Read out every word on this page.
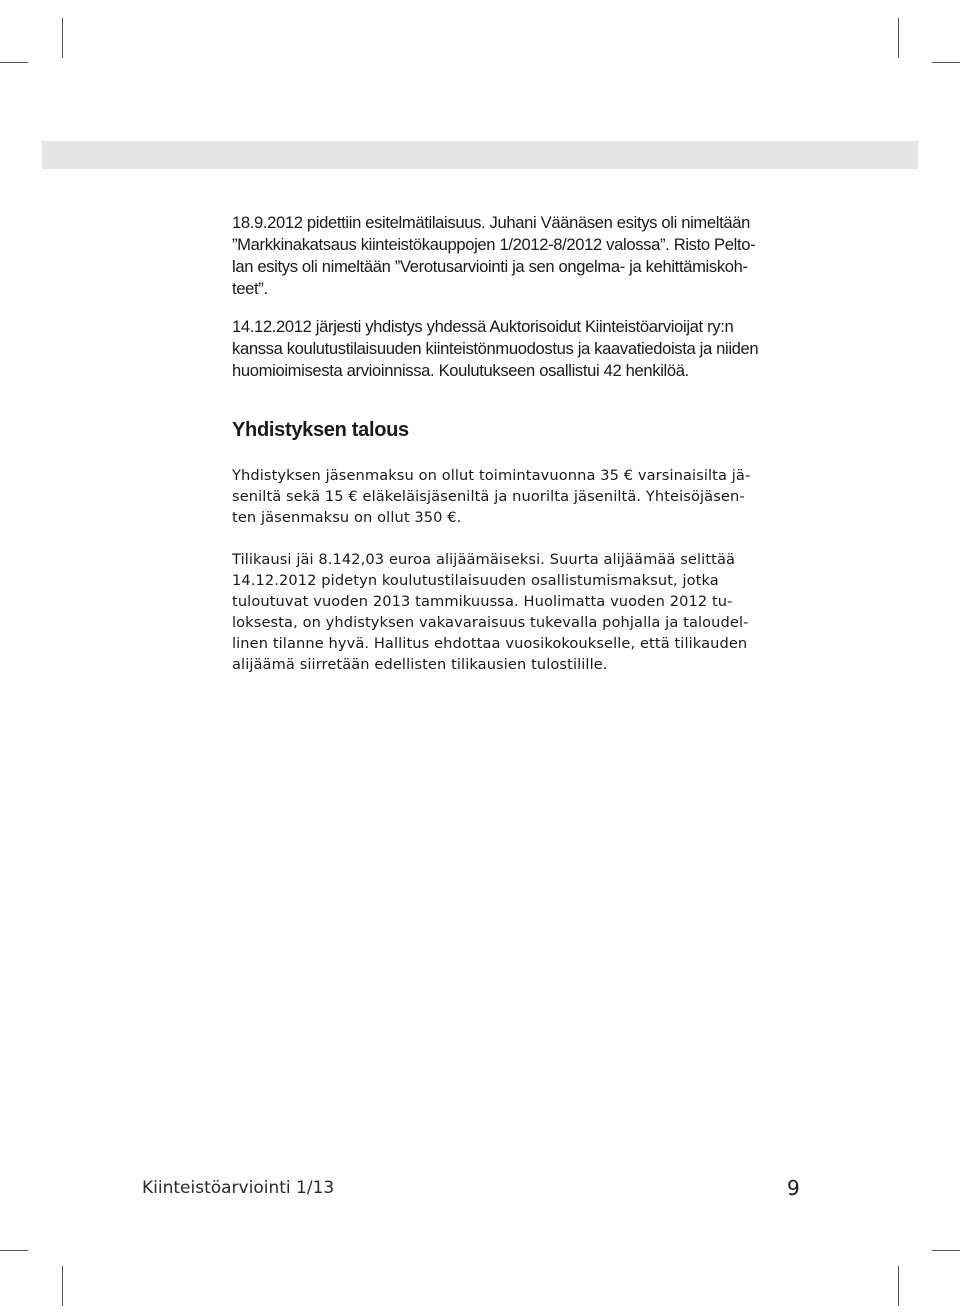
18.9.2012 pidettiin esitelmätilaisuus. Juhani Väänäsen esitys oli nimeltään
”Markkinakatsaus kiinteistökauppojen 1/2012-8/2012 valossa”. Risto Pelto-
lan esitys oli nimeltään ”Verotusarviointi ja sen ongelma- ja kehittämiskoh-
teet”.

14.12.2012 järjesti yhdistys yhdessä Auktorisoidut Kiinteistöarvioijat ry:n
kanssa koulutustilaisuuden kiinteistönmuodostus ja kaavatiedoista ja niiden
huomioimisesta arvioinnissa. Koulutukseen osallistui 42 henkilöä.

Yhdistyksen talous

Yhdistyksen jäsenmaksu on ollut toimintavuonna 35 € varsinaisilta jä-
seniltä sekä 15 € eläkeläisjäseniltä ja nuorilta jäseniltä. Yhteisöjäsen-
ten jäsenmaksu on ollut 350 €.

Tilikausi jäi 8.142,03 euroa alijäämäiseksi. Suurta alijäämää selittää
14.12.2012 pidetyn koulutustilaisuuden osallistumismaksut, jotka
tuloutuvat vuoden 2013 tammikuussa. Huolimatta vuoden 2012 tu-
loksesta, on yhdistyksen vakavaraisuus tukevalla pohjalla ja taloudel-
linen tilanne hyvä. Hallitus ehdottaa vuosikokoukselle, että tilikauden
alijäämä siirretään edellisten tilikausien tulostilille.

Kiinteistöarviointi 1/13	9
